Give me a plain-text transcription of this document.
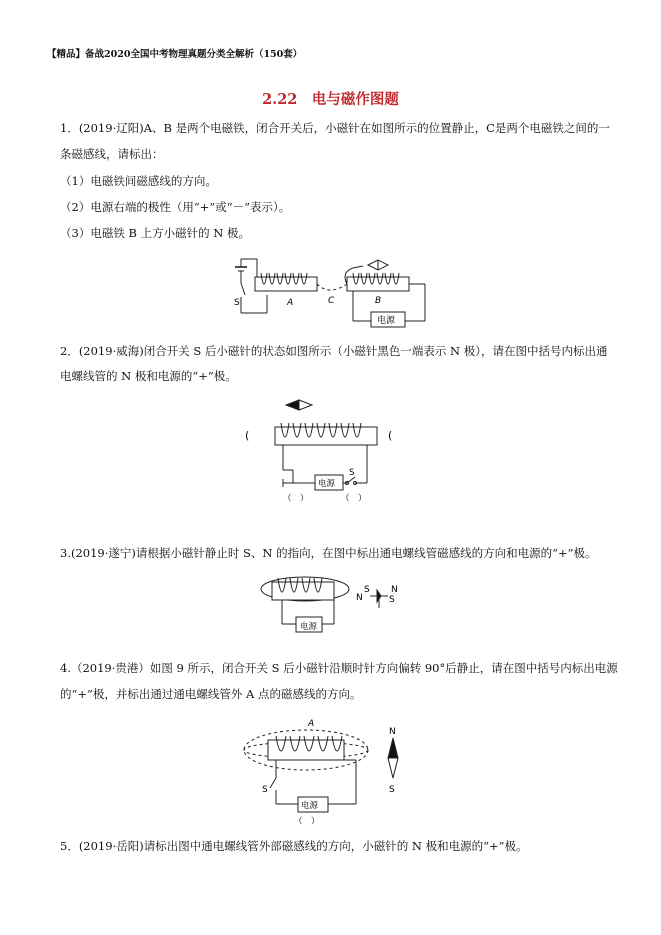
【精品】备战2020全国中考物理真题分类全解析（150套）
2.22　电与磁作图题
1．(2019·辽阳)A、B 是两个电磁铁，闭合开关后，小磁针在如图所示的位置静止，C是两个电磁铁之间的一
条磁感线，请标出：
（1）电磁铁间磁感线的方向。
（2）电源右端的极性（用“+”或“－”表示）。
（3）电磁铁 B 上方小磁针的 N 极。
S	A	C	B
电源
2．(2019·威海)闭合开关 S 后小磁针的状态如图所示（小磁针黑色一端表示 N 极），请在图中括号内标出通
电螺线管的 N 极和电源的“+”极。
(	(
电源
S
（　）	（　）
3.(2019·遂宁)请根据小磁针静止时 S、N 的指向，在图中标出通电螺线管磁感线的方向和电源的“+”极。
电源
N
S N
S
4.（2019·贵港）如图 9 所示，闭合开关 S 后小磁针沿顺时针方向偏转 90°后静止，请在图中括号内标出电源
的“+”极，并标出通过通电螺线管外 A 点的磁感线的方向。
A
S
电源
（　）
N
S
5．(2019·岳阳)请标出图中通电螺线管外部磁感线的方向，小磁针的 N 极和电源的“+”极。
